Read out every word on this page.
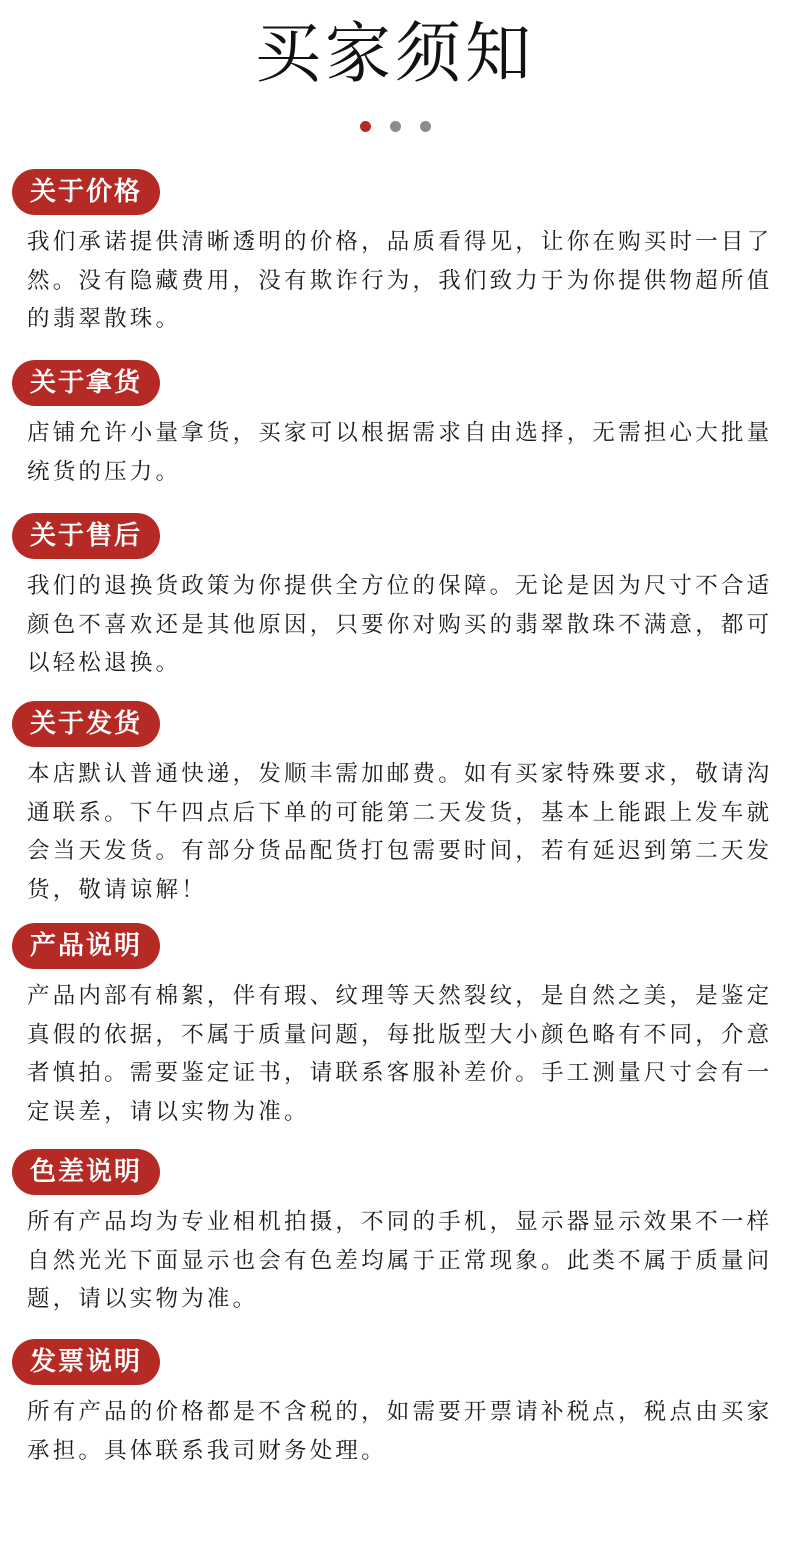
买家须知
关于价格

我们承诺提供清晰透明的价格，品质看得见，让你在购买时一目了然。没有隐藏费用，没有欺诈行为，我们致力于为你提供物超所值的翡翠散珠。

关于拿货

店铺允许小量拿货，买家可以根据需求自由选择，无需担心大批量统货的压力。

关于售后

我们的退换货政策为你提供全方位的保障。无论是因为尺寸不合适颜色不喜欢还是其他原因，只要你对购买的翡翠散珠不满意，都可以轻松退换。

关于发货

本店默认普通快递，发顺丰需加邮费。如有买家特殊要求，敬请沟通联系。下午四点后下单的可能第二天发货，基本上能跟上发车就会当天发货。有部分货品配货打包需要时间，若有延迟到第二天发货，敬请谅解！

产品说明

产品内部有棉絮，伴有瑕、纹理等天然裂纹，是自然之美，是鉴定真假的依据，不属于质量问题，每批版型大小颜色略有不同，介意者慎拍。需要鉴定证书，请联系客服补差价。手工测量尺寸会有一定误差，请以实物为准。

色差说明

所有产品均为专业相机拍摄，不同的手机，显示器显示效果不一样自然光光下面显示也会有色差均属于正常现象。此类不属于质量问题，请以实物为准。

发票说明

所有产品的价格都是不含税的，如需要开票请补税点，税点由买家承担。具体联系我司财务处理。
